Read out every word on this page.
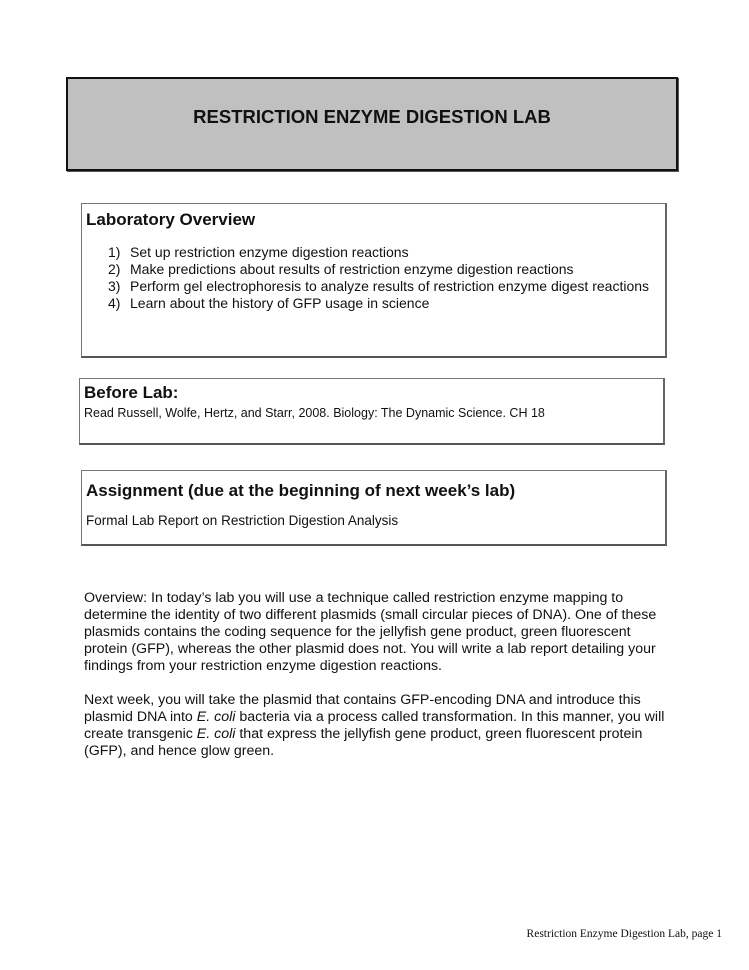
RESTRICTION ENZYME DIGESTION LAB
Laboratory Overview
1) Set up restriction enzyme digestion reactions
2) Make predictions about results of restriction enzyme digestion reactions
3) Perform gel electrophoresis to analyze results of restriction enzyme digest reactions
4) Learn about the history of GFP usage in science
Before Lab:

Read Russell, Wolfe, Hertz, and Starr, 2008. Biology: The Dynamic Science. CH 18

Assignment (due at the beginning of next week’s lab)

Formal Lab Report on Restriction Digestion Analysis

Overview: In today’s lab you will use a technique called restriction enzyme mapping to determine the identity of two different plasmids (small circular pieces of DNA). One of these plasmids contains the coding sequence for the jellyfish gene product, green fluorescent protein (GFP), whereas the other plasmid does not. You will write a lab report detailing your findings from your restriction enzyme digestion reactions.

Next week, you will take the plasmid that contains GFP-encoding DNA and introduce this plasmid DNA into E. coli bacteria via a process called transformation. In this manner, you will create transgenic E. coli that express the jellyfish gene product, green fluorescent protein (GFP), and hence glow green.

Restriction Enzyme Digestion Lab, page 1
